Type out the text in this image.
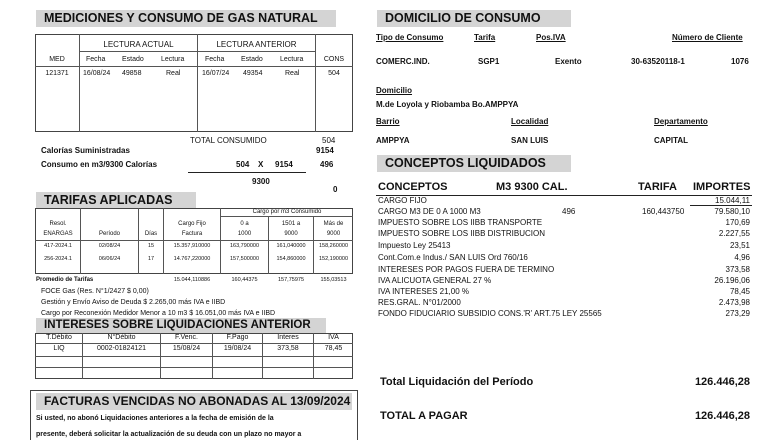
MEDICIONES Y CONSUMO DE GAS NATURAL
LECTURA ACTUAL	LECTURA ANTERIOR
MED	Fecha Estado Lectura	Fecha Estado Lectura	CONS
121371	16/08/24 49858	Real	16/07/24 49354	Real	504
TOTAL CONSUMIDO	504
Calorías Suministradas	9154
Consumo en m3/9300 Calorías	504 X 9154	496
9300
0
TARIFAS APLICADAS
Cargo por m3 Consumido
Resol.	Cargo Fijo	0 a	1501 a	Más de
ENARGAS	Período	Días	Factura	1000	9000	9000
417-2024.1	02/08/24	15	15.357,910000	163,790000	161,040000	158,260000
256-2024.1	06/06/24	17	14.767,220000	157,500000	154,860000	152,190000
Promedio de Tarifas	15.044,110886	160,44375	157,75975	155,03513
FOCE Gas (Res. N°1/2427 $ 0,00)
Gestión y Envío Aviso de Deuda $ 2.265,00 más IVA e IIBD
Cargo por Reconexión Medidor Menor a 10 m3 $ 16.051,00 más IVA e IIBD
INTERESES SOBRE LIQUIDACIONES ANTERIOR
T.Débito	N°Débito	F.Venc.	F.Pago	Interes	IVA
LIQ	0002-01824121	15/08/24	19/08/24	373,58	78,45
FACTURAS VENCIDAS NO ABONADAS AL 13/09/2024
Si usted, no abonó Liquidaciones anteriores a la fecha de emisión de la
presente, deberá solicitar la actualización de su deuda con un plazo no mayor a
DOMICILIO DE CONSUMO
Tipo de Consumo	Tarifa	Pos.IVA	Número de Cliente
COMERC.IND.	SGP1	Exento	30-63520118-1	1076
Domicilio
M.de Loyola y Riobamba Bo.AMPPYA
Barrio	Localidad	Departamento
AMPPYA	SAN LUIS	CAPITAL
CONCEPTOS LIQUIDADOS
CONCEPTOS	M3 9300 CAL.	TARIFA IMPORTES
CARGO FIJO	15.044,11
CARGO M3 DE 0 A 1000 M3	496	160,443750	79.580,10
IMPUESTO SOBRE LOS IIBB TRANSPORTE	170,69
IMPUESTO SOBRE LOS IIBB DISTRIBUCION	2.227,55
Impuesto Ley 25413	23,51
Cont.Com.e Indus./ SAN LUIS Ord 760/16	4,96
INTERESES POR PAGOS FUERA DE TERMINO	373,58
IVA ALICUOTA GENERAL 27 %	26.196,06
IVA INTERESES 21,00 %	78,45
RES.GRAL. N°01/2000	2.473,98
FONDO FIDUCIARIO SUBSIDIO CONS.'R' ART.75 LEY 25565	273,29
Total Liquidación del Período	126.446,28
TOTAL A PAGAR	126.446,28
